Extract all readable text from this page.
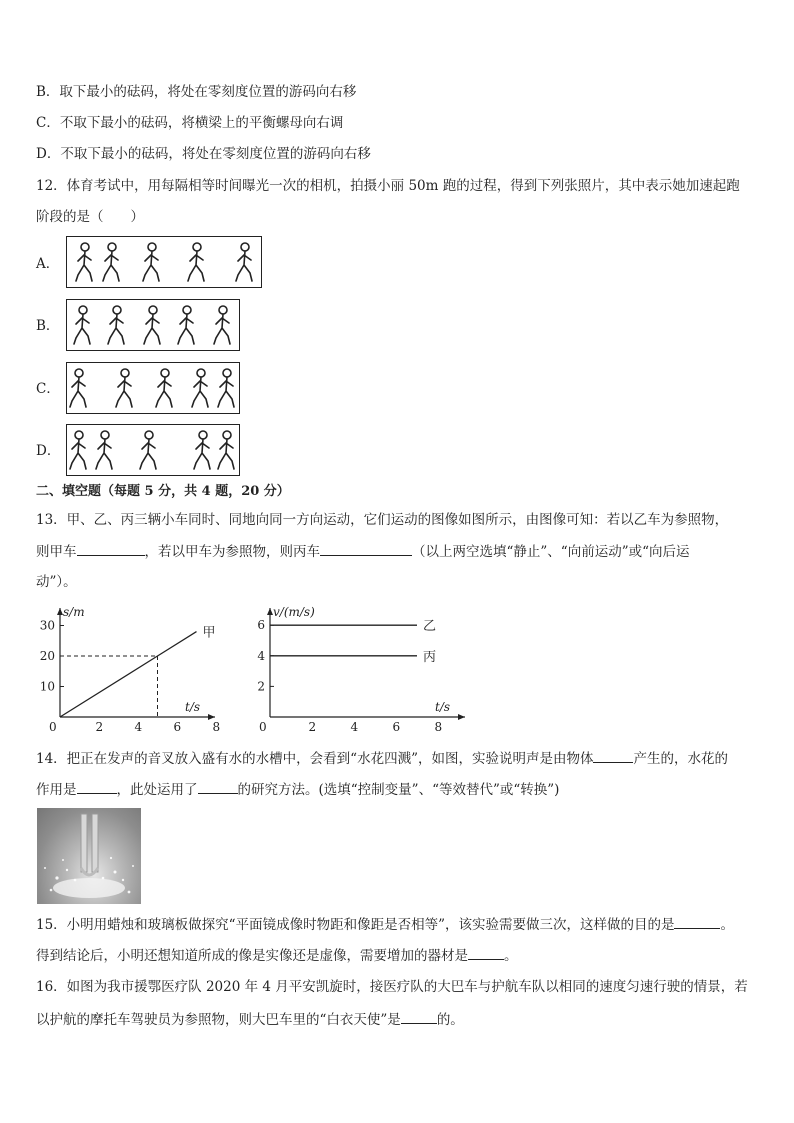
B．取下最小的砝码，将处在零刻度位置的游码向右移
C．不取下最小的砝码，将横梁上的平衡螺母向右调
D．不取下最小的砝码，将处在零刻度位置的游码向右移
12．体育考试中，用每隔相等时间曝光一次的相机，拍摄小丽 50m 跑的过程，得到下列张照片，其中表示她加速起跑
阶段的是（　　）
A．
B．
C．
D．
二、填空题（每题 5 分，共 4 题，20 分）
13．甲、乙、丙三辆小车同时、同地向同一方向运动，它们运动的图像如图所示，由图像可知：若以乙车为参照物，
则甲车	，若以甲车为参照物，则丙车	（以上两空选填“静止”、“向前运动”或“向后运
动”）。
s/m
t/s
0	2	4	6	8
10
20
30
甲
v/(m/s)
t/s
0	2	4	6	8
2
4
6	乙
丙
14．把正在发声的音叉放入盛有水的水槽中，会看到“水花四溅”，如图，实验说明声是由物体	产生的，水花的
作用是	，此处运用了	的研究方法。(选填“控制变量”、“等效替代”或“转换”)
15．小明用蜡烛和玻璃板做探究“平面镜成像时物距和像距是否相等”，该实验需要做三次，这样做的目的是	。
得到结论后，小明还想知道所成的像是实像还是虚像，需要增加的器材是	。
16．如图为我市援鄂医疗队 2020 年 4 月平安凯旋时，接医疗队的大巴车与护航车队以相同的速度匀速行驶的情景，若
以护航的摩托车驾驶员为参照物，则大巴车里的“白衣天使”是	的。
